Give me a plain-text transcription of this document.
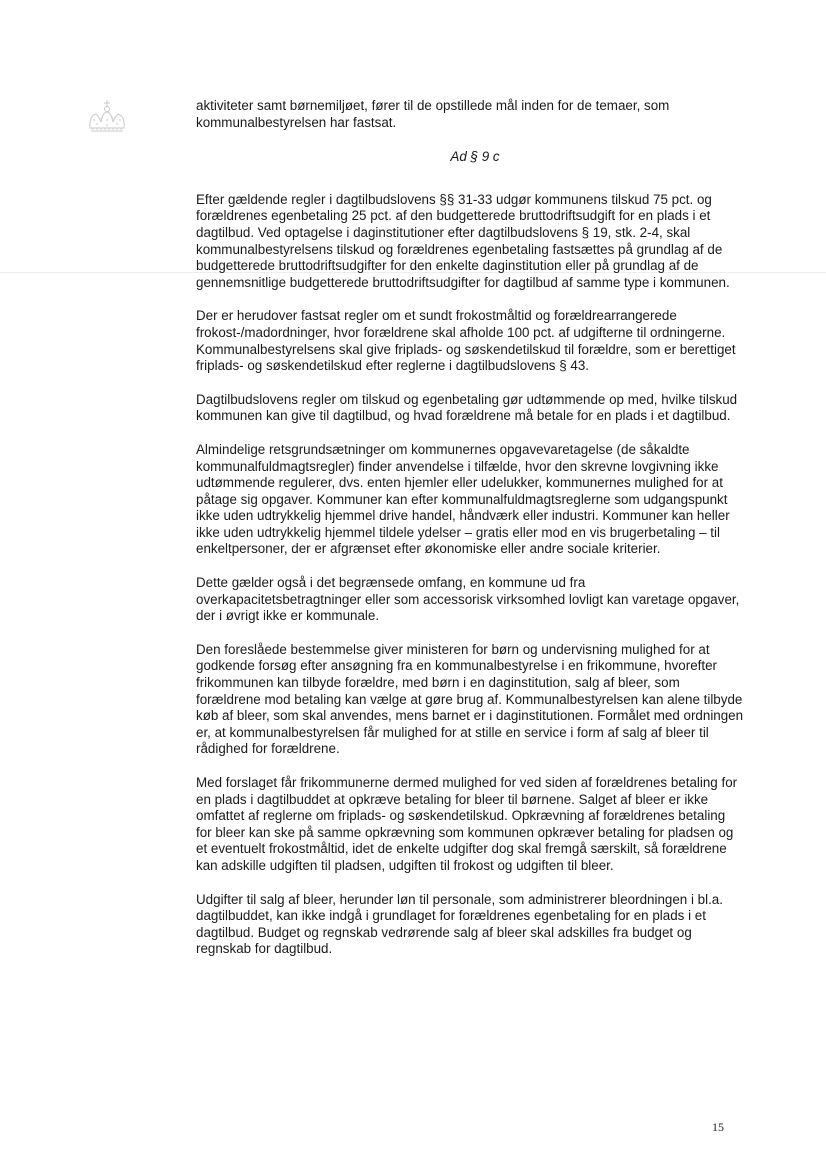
aktiviteter samt børnemiljøet, fører til de opstillede mål inden for de temaer, som kommunalbestyrelsen har fastsat.

Ad § 9 c

Efter gældende regler i dagtilbudslovens §§ 31-33 udgør kommunens tilskud 75 pct. og forældrenes egenbetaling 25 pct. af den budgetterede bruttodriftsudgift for en plads i et dagtilbud. Ved optagelse i daginstitutioner efter dagtilbudslovens § 19, stk. 2-4, skal kommunalbestyrelsens tilskud og forældrenes egenbetaling fastsættes på grundlag af de budgetterede bruttodriftsudgifter for den enkelte daginstitution eller på grundlag af de gennemsnitlige budgetterede bruttodriftsudgifter for dagtilbud af samme type i kommunen.

Der er herudover fastsat regler om et sundt frokostmåltid og forældrearrangerede frokost-/madordninger, hvor forældrene skal afholde 100 pct. af udgifterne til ordningerne. Kommunalbestyrelsens skal give friplads- og søskendetilskud til forældre, som er berettiget friplads- og søskendetilskud efter reglerne i dagtilbudslovens § 43.

Dagtilbudslovens regler om tilskud og egenbetaling gør udtømmende op med, hvilke tilskud kommunen kan give til dagtilbud, og hvad forældrene må betale for en plads i et dagtilbud.

Almindelige retsgrundsætninger om kommunernes opgavevaretagelse (de såkaldte kommunalfuldmagtsregler) finder anvendelse i tilfælde, hvor den skrevne lovgivning ikke udtømmende regulerer, dvs. enten hjemler eller udelukker, kommunernes mulighed for at påtage sig opgaver. Kommuner kan efter kommunalfuldmagtsreglerne som udgangspunkt ikke uden udtrykkelig hjemmel drive handel, håndværk eller industri. Kommuner kan heller ikke uden udtrykkelig hjemmel tildele ydelser – gratis eller mod en vis brugerbetaling – til enkeltpersoner, der er afgrænset efter økonomiske eller andre sociale kriterier.

Dette gælder også i det begrænsede omfang, en kommune ud fra overkapacitetsbetragtninger eller som accessorisk virksomhed lovligt kan varetage opgaver, der i øvrigt ikke er kommunale.

Den foreslåede bestemmelse giver ministeren for børn og undervisning mulighed for at godkende forsøg efter ansøgning fra en kommunalbestyrelse i en frikommune, hvorefter frikommunen kan tilbyde forældre, med børn i en daginstitution, salg af bleer, som forældrene mod betaling kan vælge at gøre brug af. Kommunalbestyrelsen kan alene tilbyde køb af bleer, som skal anvendes, mens barnet er i daginstitutionen. Formålet med ordningen er, at kommunalbestyrelsen får mulighed for at stille en service i form af salg af bleer til rådighed for forældrene.

Med forslaget får frikommunerne dermed mulighed for ved siden af forældrenes betaling for en plads i dagtilbuddet at opkræve betaling for bleer til børnene. Salget af bleer er ikke omfattet af reglerne om friplads- og søskendetilskud. Opkrævning af forældrenes betaling for bleer kan ske på samme opkrævning som kommunen opkræver betaling for pladsen og et eventuelt frokostmåltid, idet de enkelte udgifter dog skal fremgå særskilt, så forældrene kan adskille udgiften til pladsen, udgiften til frokost og udgiften til bleer.

Udgifter til salg af bleer, herunder løn til personale, som administrerer bleordningen i bl.a. dagtilbuddet, kan ikke indgå i grundlaget for forældrenes egenbetaling for en plads i et dagtilbud. Budget og regnskab vedrørende salg af bleer skal adskilles fra budget og regnskab for dagtilbud.

15
